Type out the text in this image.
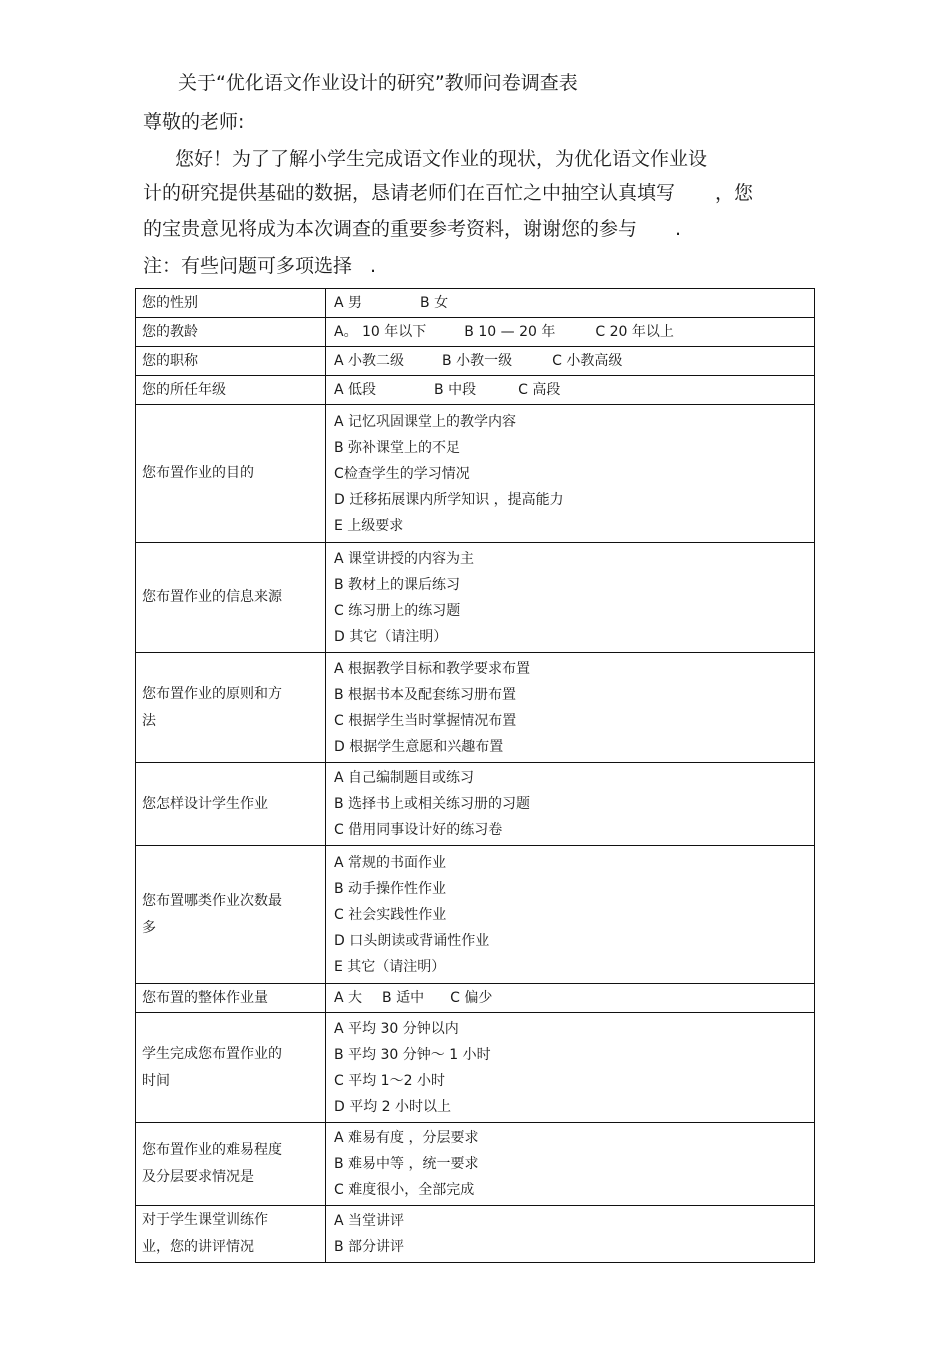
关于“优化语文作业设计的研究”教师问卷调查表
尊敬的老师:
您好！为了了解小学生完成语文作业的现状，为优化语文作业设
计的研究提供基础的数据，恳请老师们在百忙之中抽空认真填写 ，您
的宝贵意见将成为本次调查的重要参考资料，谢谢您的参与 .
注：有些问题可多项选择 .
您的性别	A 男 B 女

您的教龄	A。 10 年以下 B 10 — 20 年 C 20 年以上

您的职称	A 小教二级 B 小教一级 C 小教高级

您的所任年级	A 低段 B 中段 C 高段

您布置作业的目的	A 记忆巩固课堂上的教学内容
B 弥补课堂上的不足
C检查学生的学习情况
D 迁移拓展课内所学知识 ，提高能力
E 上级要求

您布置作业的信息来源	A 课堂讲授的内容为主
B 教材上的课后练习
C 练习册上的练习题
D 其它（请注明）

您布置作业的原则和方法	A 根据教学目标和教学要求布置
B 根据书本及配套练习册布置
C 根据学生当时掌握情况布置
D 根据学生意愿和兴趣布置

您怎样设计学生作业	A 自己编制题目或练习
B 选择书上或相关练习册的习题
C 借用同事设计好的练习卷

您布置哪类作业次数最多	A 常规的书面作业
B 动手操作性作业
C 社会实践性作业
D 口头朗读或背诵性作业
E 其它（请注明）

您布置的整体作业量	A 大 B 适中 C 偏少

学生完成您布置作业的时间	A 平均 30 分钟以内
B 平均 30 分钟～ 1 小时
C 平均 1～2 小时
D 平均 2 小时以上

您布置作业的难易程度及分层要求情况是	A 难易有度 ，分层要求
B 难易中等 ，统一要求
C 难度很小，全部完成

对于学生课堂训练作业，您的讲评情况	A 当堂讲评
B 部分讲评
